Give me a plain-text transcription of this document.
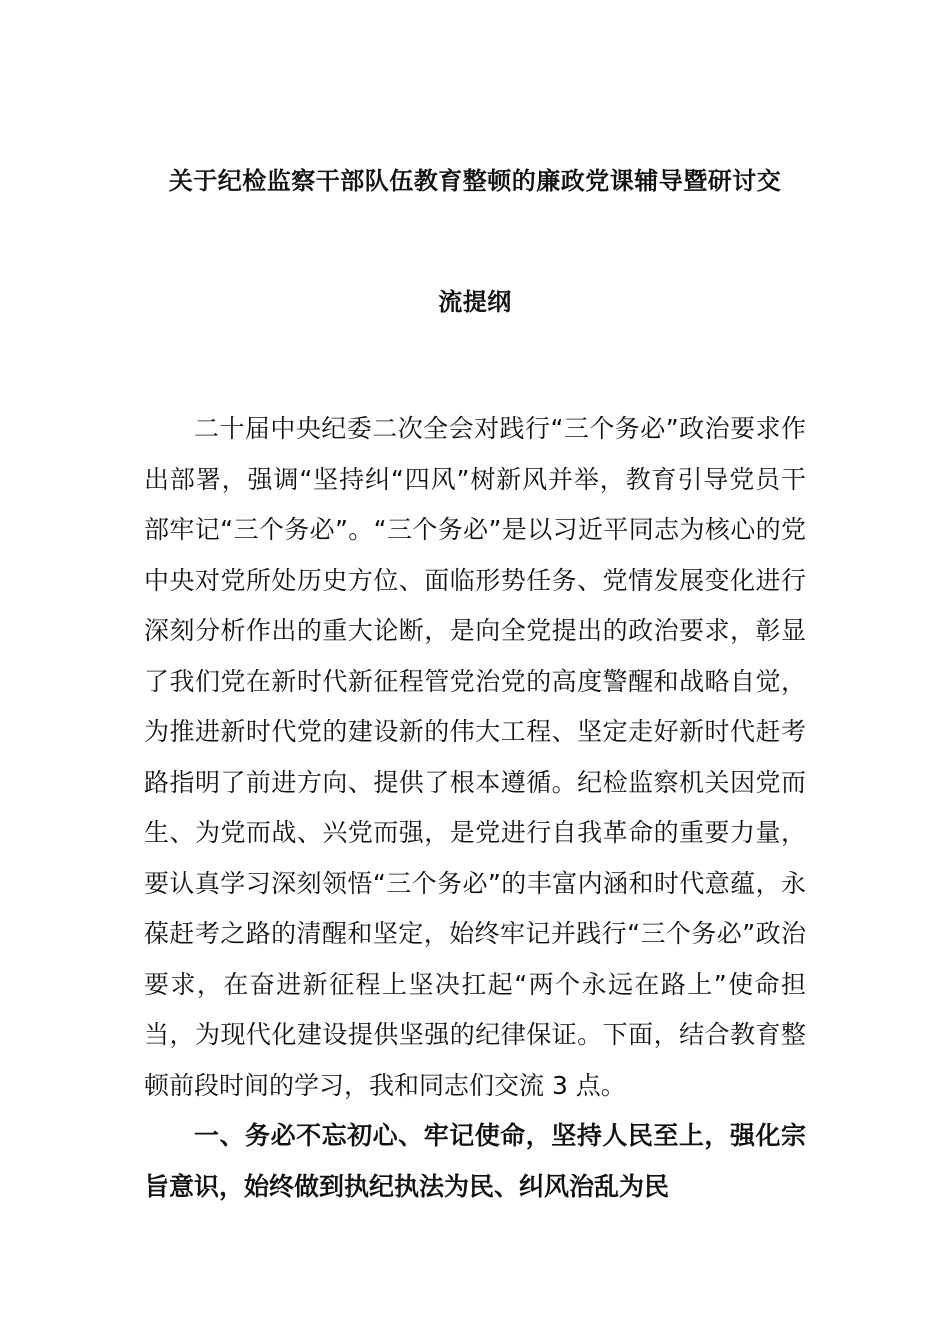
关于纪检监察干部队伍教育整顿的廉政党课辅导暨研讨交
流提纲

二十届中央纪委二次全会对践行“三个务必”政治要求作出部署，强调“坚持纠“四风”树新风并举，教育引导党员干部牢记“三个务必”。“三个务必”是以习近平同志为核心的党中央对党所处历史方位、面临形势任务、党情发展变化进行深刻分析作出的重大论断，是向全党提出的政治要求，彰显了我们党在新时代新征程管党治党的高度警醒和战略自觉，为推进新时代党的建设新的伟大工程、坚定走好新时代赶考路指明了前进方向、提供了根本遵循。纪检监察机关因党而生、为党而战、兴党而强，是党进行自我革命的重要力量，要认真学习深刻领悟“三个务必”的丰富内涵和时代意蕴，永葆赶考之路的清醒和坚定，始终牢记并践行“三个务必”政治要求，在奋进新征程上坚决扛起“两个永远在路上”使命担当，为现代化建设提供坚强的纪律保证。下面，结合教育整顿前段时间的学习，我和同志们交流 3 点。

一、务必不忘初心、牢记使命，坚持人民至上，强化宗旨意识，始终做到执纪执法为民、纠风治乱为民
